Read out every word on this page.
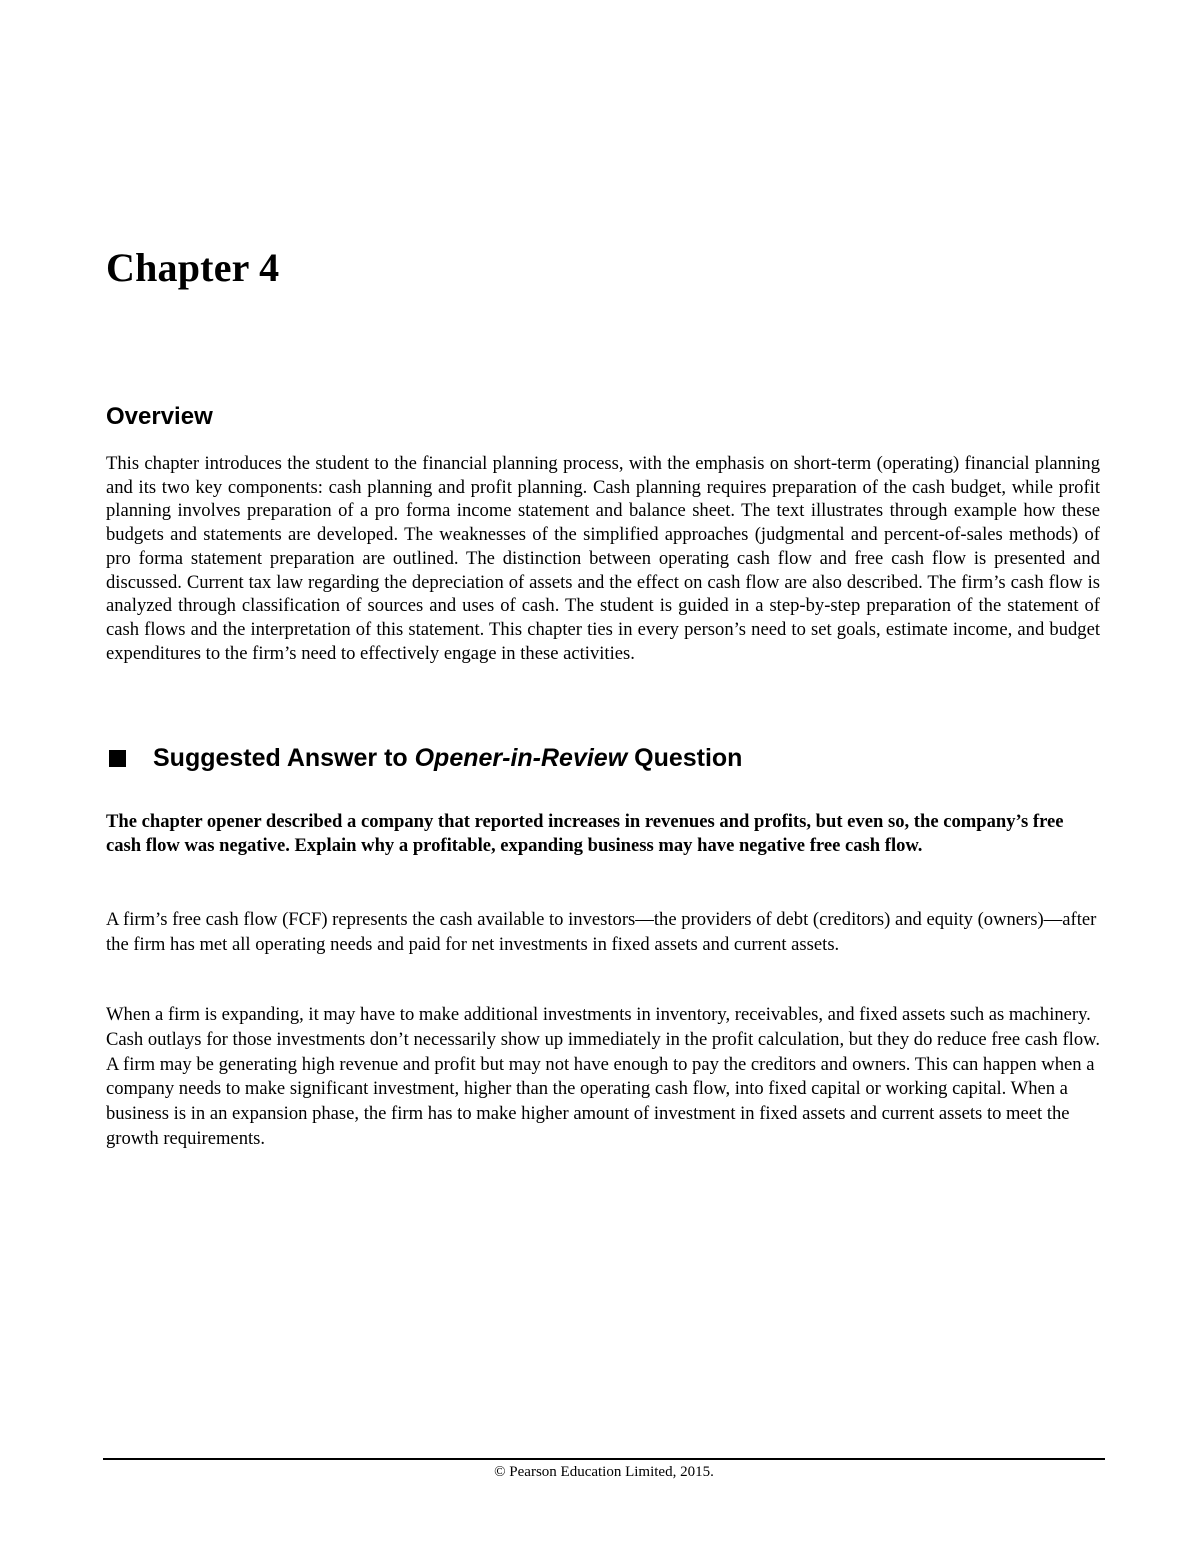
Chapter 4
Overview

This chapter introduces the student to the financial planning process, with the emphasis on short-term (operating) financial planning and its two key components: cash planning and profit planning. Cash planning requires preparation of the cash budget, while profit planning involves preparation of a pro forma income statement and balance sheet. The text illustrates through example how these budgets and statements are developed. The weaknesses of the simplified approaches (judgmental and percent-of-sales methods) of pro forma statement preparation are outlined. The distinction between operating cash flow and free cash flow is presented and discussed. Current tax law regarding the depreciation of assets and the effect on cash flow are also described. The firm’s cash flow is analyzed through classification of sources and uses of cash. The student is guided in a step-by-step preparation of the statement of cash flows and the interpretation of this statement. This chapter ties in every person’s need to set goals, estimate income, and budget expenditures to the firm’s need to effectively engage in these activities.

Suggested Answer to Opener-in-Review Question

The chapter opener described a company that reported increases in revenues and profits, but even so, the company’s free cash flow was negative. Explain why a profitable, expanding business may have negative free cash flow.

A firm’s free cash flow (FCF) represents the cash available to investors—the providers of debt (creditors) and equity (owners)—after the firm has met all operating needs and paid for net investments in fixed assets and current assets.

When a firm is expanding, it may have to make additional investments in inventory, receivables, and fixed assets such as machinery. Cash outlays for those investments don’t necessarily show up immediately in the profit calculation, but they do reduce free cash flow. A firm may be generating high revenue and profit but may not have enough to pay the creditors and owners. This can happen when a company needs to make significant investment, higher than the operating cash flow, into fixed capital or working capital. When a business is in an expansion phase, the firm has to make higher amount of investment in fixed assets and current assets to meet the growth requirements.

© Pearson Education Limited, 2015.
